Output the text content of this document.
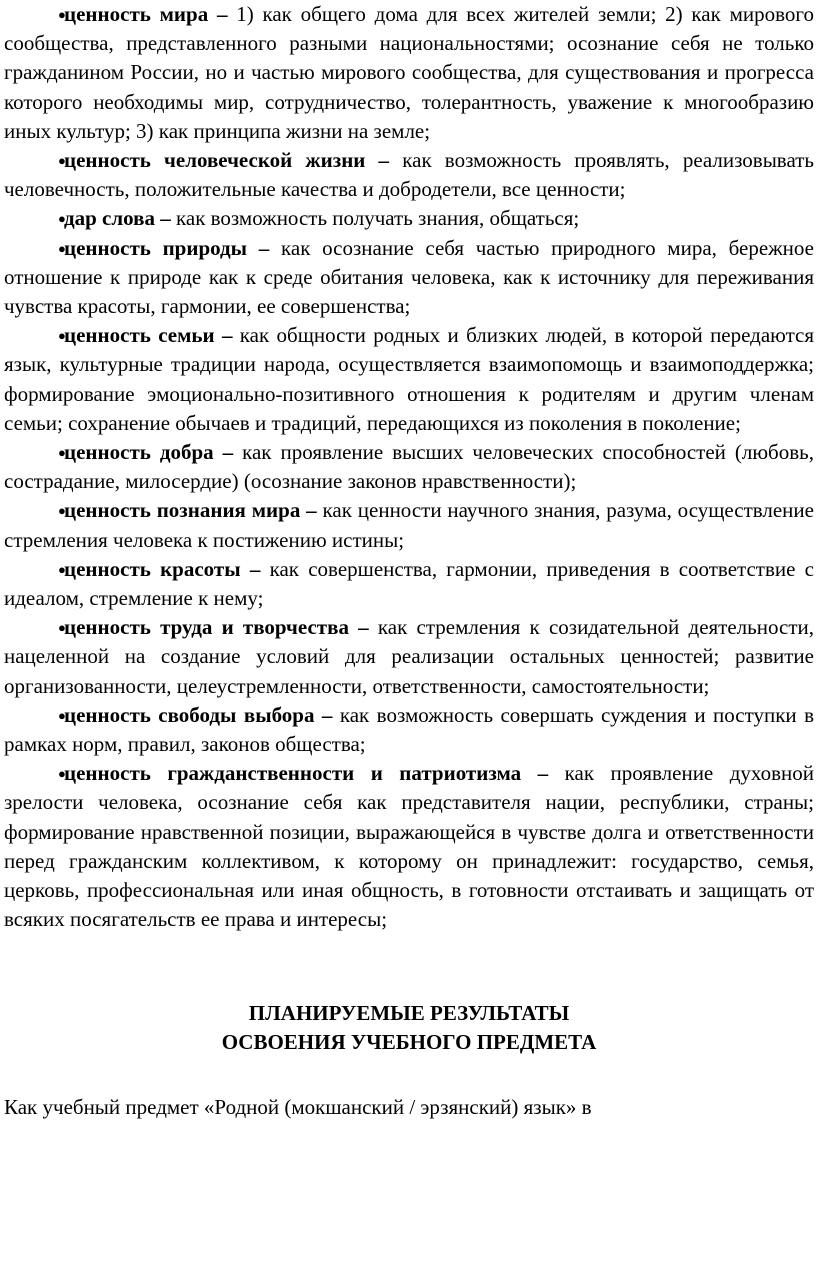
●
ценность мира – 1) как общего дома для всех жителей земли; 2) как мирового сообщества, представленного разными национальностями; осознание себя не только гражданином России, но и частью мирового сообщества, для существования и прогресса которого необходимы мир, сотрудничество, толерантность, уважение к многообразию иных культур; 3) как принципа жизни на земле;

●
ценность человеческой жизни – как возможность проявлять, реализовывать человечность, положительные качества и добродетели, все ценности;

●
дар слова – как возможность получать знания, общаться;

●
ценность природы – как осознание себя частью природного мира, бережное отношение к природе как к среде обитания человека, как к источнику для переживания чувства красоты, гармонии, ее совершенства;

●
ценность семьи – как общности родных и близких людей, в которой передаются язык, культурные традиции народа, осуществляется взаимопомощь и взаимоподдержка; формирование эмоционально-позитивного отношения к родителям и другим членам семьи; сохранение обычаев и традиций, передающихся из поколения в поколение;

●
ценность добра – как проявление высших человеческих способностей (любовь, сострадание, милосердие) (осознание законов нравственности);

●
ценность познания мира – как ценности научного знания, разума, осуществление стремления человека к постижению истины;

●
ценность красоты – как совершенства, гармонии, приведения в соответствие с идеалом, стремление к нему;

●
ценность труда и творчества – как стремления к созидательной деятельности, нацеленной на создание условий для реализации остальных ценностей; развитие организованности, целеустремленности, ответственности, самостоятельности;

●
ценность свободы выбора – как возможность совершать суждения и поступки в рамках норм, правил, законов общества;

●
ценность гражданственности и патриотизма – как проявление духовной зрелости человека, осознание себя как представителя нации, республики, страны; формирование нравственной позиции, выражающейся в чувстве долга и ответственности перед гражданским коллективом, к которому он принадлежит: государство, семья, церковь, профессиональная или иная общность, в готовности отстаивать и защищать от всяких посягательств ее права и интересы;

ПЛАНИРУЕМЫЕ РЕЗУЛЬТАТЫ

ОСВОЕНИЯ УЧЕБНОГО ПРЕДМЕТА

Как учебный предмет «Родной (мокшанский / эрзянский) язык» в
